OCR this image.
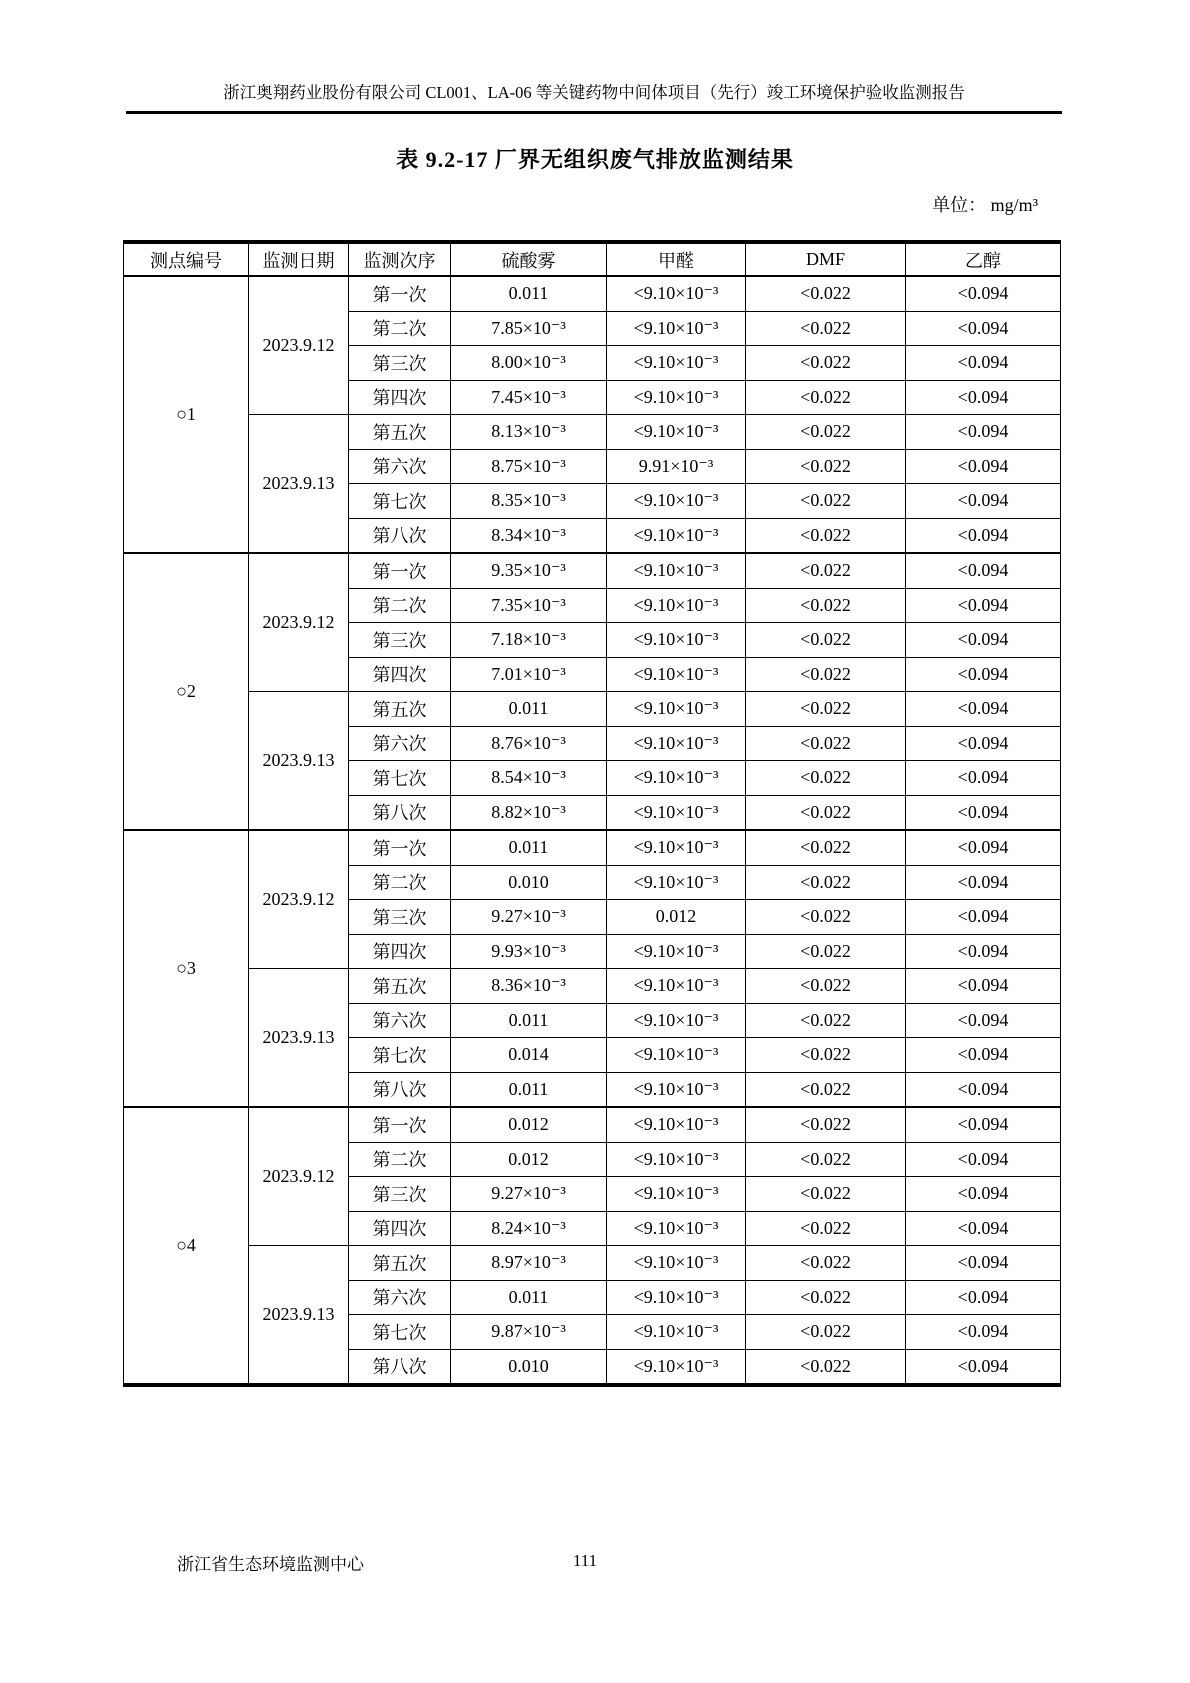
浙江奥翔药业股份有限公司 CL001、LA-06 等关键药物中间体项目（先行）竣工环境保护验收监测报告
表 9.2-17 厂界无组织废气排放监测结果
单位： mg/m³
测点编号	监测日期	监测次序	硫酸雾	甲醛	DMF	乙醇
○1	2023.9.12	第一次	0.011	<9.10×10⁻³	<0.022	<0.094
		第二次	7.85×10⁻³	<9.10×10⁻³	<0.022	<0.094
		第三次	8.00×10⁻³	<9.10×10⁻³	<0.022	<0.094
		第四次	7.45×10⁻³	<9.10×10⁻³	<0.022	<0.094
	2023.9.13	第五次	8.13×10⁻³	<9.10×10⁻³	<0.022	<0.094
		第六次	8.75×10⁻³	9.91×10⁻³	<0.022	<0.094
		第七次	8.35×10⁻³	<9.10×10⁻³	<0.022	<0.094
		第八次	8.34×10⁻³	<9.10×10⁻³	<0.022	<0.094
○2	2023.9.12	第一次	9.35×10⁻³	<9.10×10⁻³	<0.022	<0.094
		第二次	7.35×10⁻³	<9.10×10⁻³	<0.022	<0.094
		第三次	7.18×10⁻³	<9.10×10⁻³	<0.022	<0.094
		第四次	7.01×10⁻³	<9.10×10⁻³	<0.022	<0.094
	2023.9.13	第五次	0.011	<9.10×10⁻³	<0.022	<0.094
		第六次	8.76×10⁻³	<9.10×10⁻³	<0.022	<0.094
		第七次	8.54×10⁻³	<9.10×10⁻³	<0.022	<0.094
		第八次	8.82×10⁻³	<9.10×10⁻³	<0.022	<0.094
○3	2023.9.12	第一次	0.011	<9.10×10⁻³	<0.022	<0.094
		第二次	0.010	<9.10×10⁻³	<0.022	<0.094
		第三次	9.27×10⁻³	0.012	<0.022	<0.094
		第四次	9.93×10⁻³	<9.10×10⁻³	<0.022	<0.094
	2023.9.13	第五次	8.36×10⁻³	<9.10×10⁻³	<0.022	<0.094
		第六次	0.011	<9.10×10⁻³	<0.022	<0.094
		第七次	0.014	<9.10×10⁻³	<0.022	<0.094
		第八次	0.011	<9.10×10⁻³	<0.022	<0.094
○4	2023.9.12	第一次	0.012	<9.10×10⁻³	<0.022	<0.094
		第二次	0.012	<9.10×10⁻³	<0.022	<0.094
		第三次	9.27×10⁻³	<9.10×10⁻³	<0.022	<0.094
		第四次	8.24×10⁻³	<9.10×10⁻³	<0.022	<0.094
	2023.9.13	第五次	8.97×10⁻³	<9.10×10⁻³	<0.022	<0.094
		第六次	0.011	<9.10×10⁻³	<0.022	<0.094
		第七次	9.87×10⁻³	<9.10×10⁻³	<0.022	<0.094
		第八次	0.010	<9.10×10⁻³	<0.022	<0.094
浙江省生态环境监测中心	111
